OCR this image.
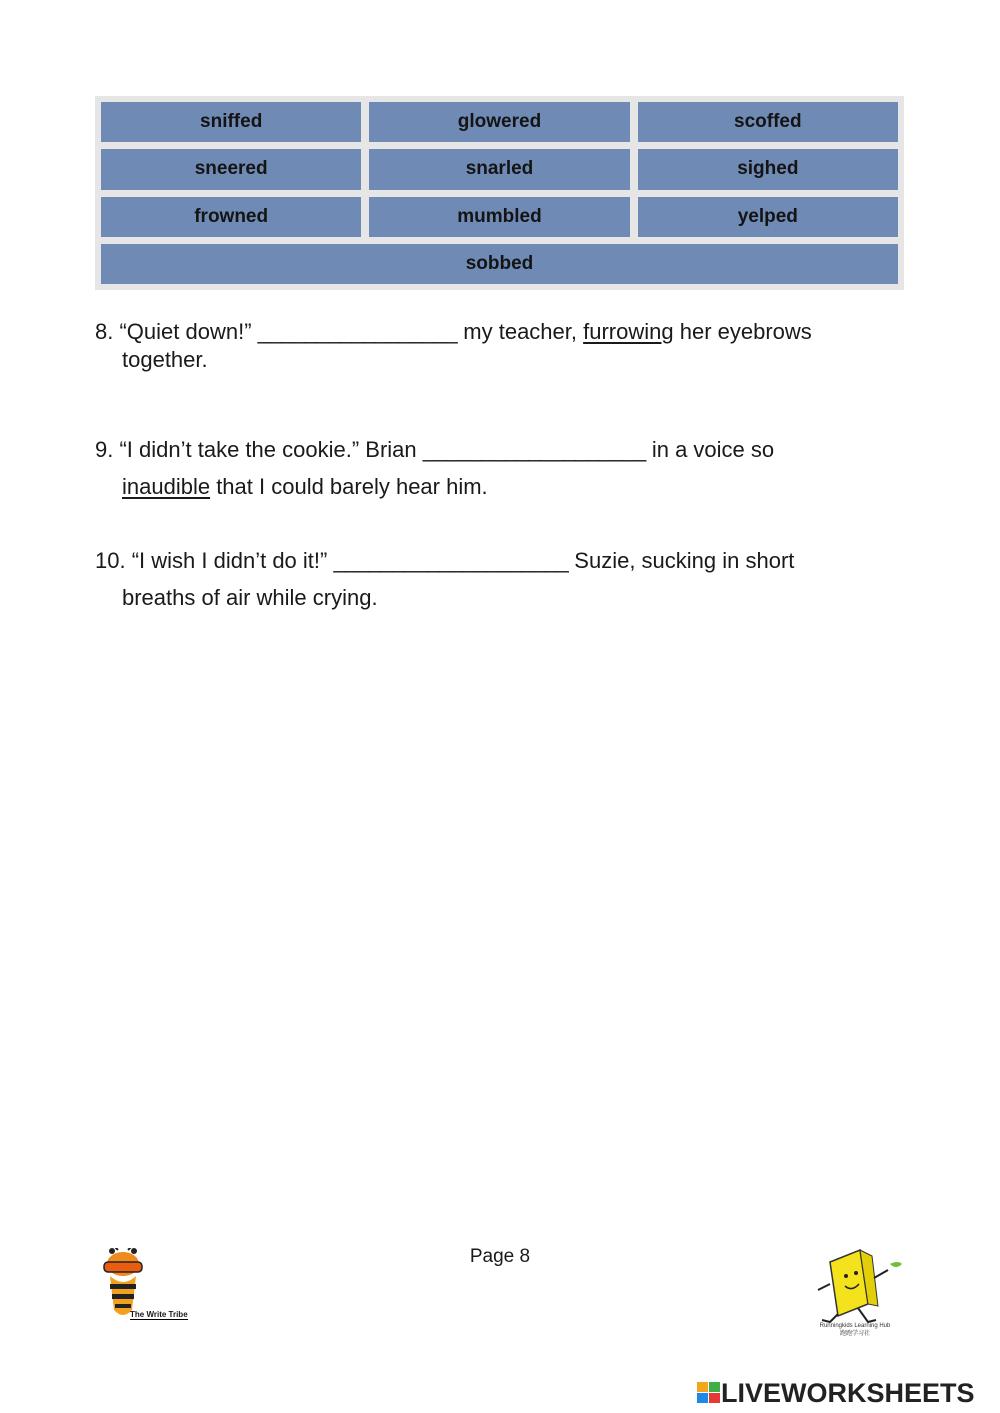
sniffed	glowered	scoffed
sneered	snarled	sighed
frowned	mumbled	yelped
sobbed
8. “Quiet down!” _________________ my teacher, furrowing her eyebrows
together.
9. “I didn’t take the cookie.” Brian ___________________ in a voice so
inaudible that I could barely hear him.
10. “I wish I didn’t do it!” ____________________ Suzie, sucking in short
breaths of air while crying.
Page 8
The Write Tribe
Runningkids Learning Hub
跑跑学习社
LIVE WORKSHEETS
